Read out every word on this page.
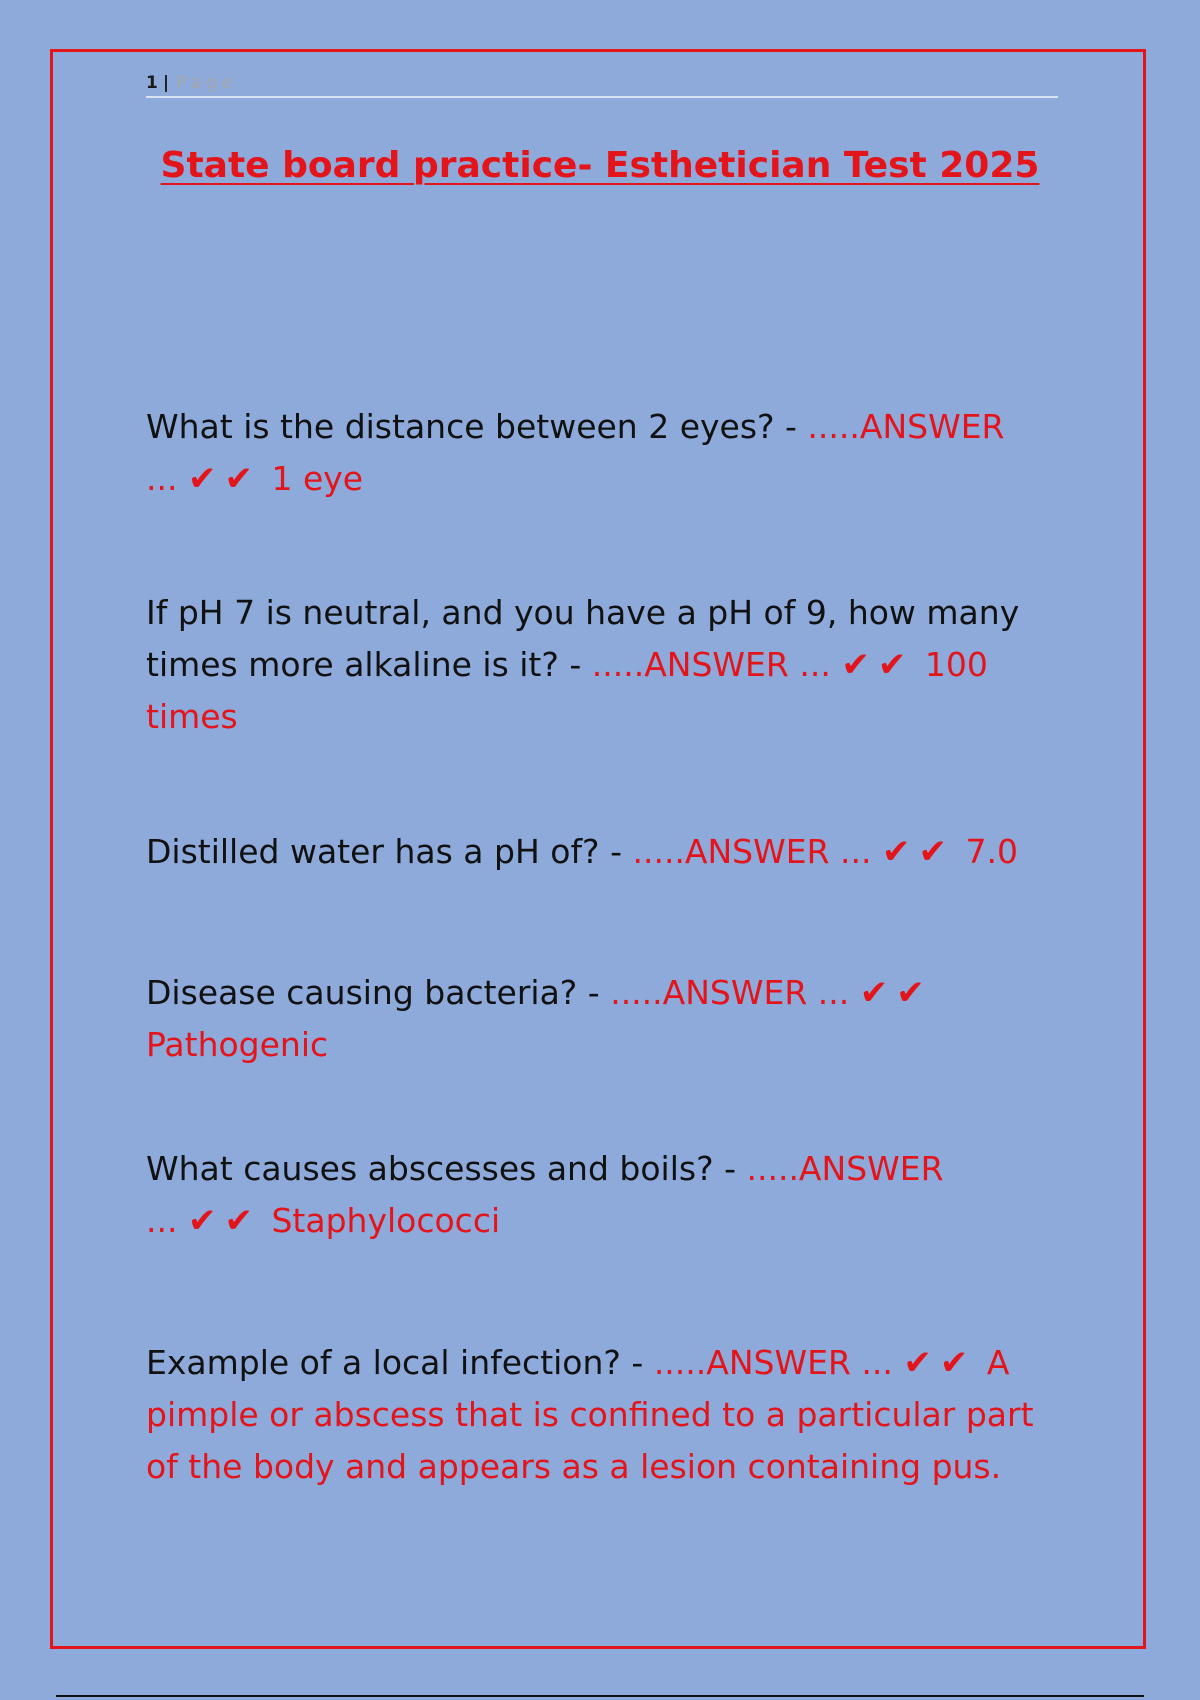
1 | Page
State board practice- Esthetician Test 2025
What is the distance between 2 eyes? - .....ANSWER
... ✔ ✔ 1 eye
If pH 7 is neutral, and you have a pH of 9, how many times more alkaline is it? - .....ANSWER ... ✔ ✔ 100 times
Distilled water has a pH of? - .....ANSWER ... ✔ ✔ 7.0
Disease causing bacteria? - .....ANSWER ... ✔ ✔
Pathogenic
What causes abscesses and boils? - .....ANSWER
... ✔ ✔ Staphylococci
Example of a local infection? - .....ANSWER ... ✔ ✔ A pimple or abscess that is confined to a particular part of the body and appears as a lesion containing pus.
